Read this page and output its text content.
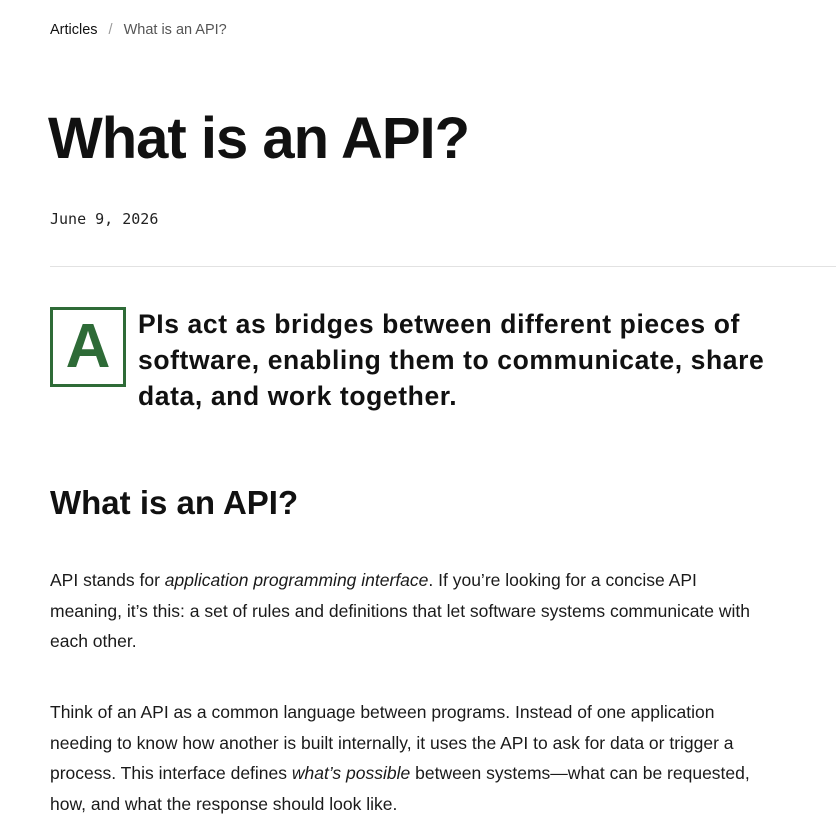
Articles / What is an API?
What is an API?
June 9, 2026
A	PIs act as bridges between different pieces of software, enabling them to communicate, share data, and work together.

What is an API?

API stands for application programming interface. If you’re looking for a concise API meaning, it’s this: a set of rules and definitions that let software systems communicate with each other.

Think of an API as a common language between programs. Instead of one application needing to know how another is built internally, it uses the API to ask for data or trigger a process. This interface defines what’s possible between systems—what can be requested, how, and what the response should look like.
